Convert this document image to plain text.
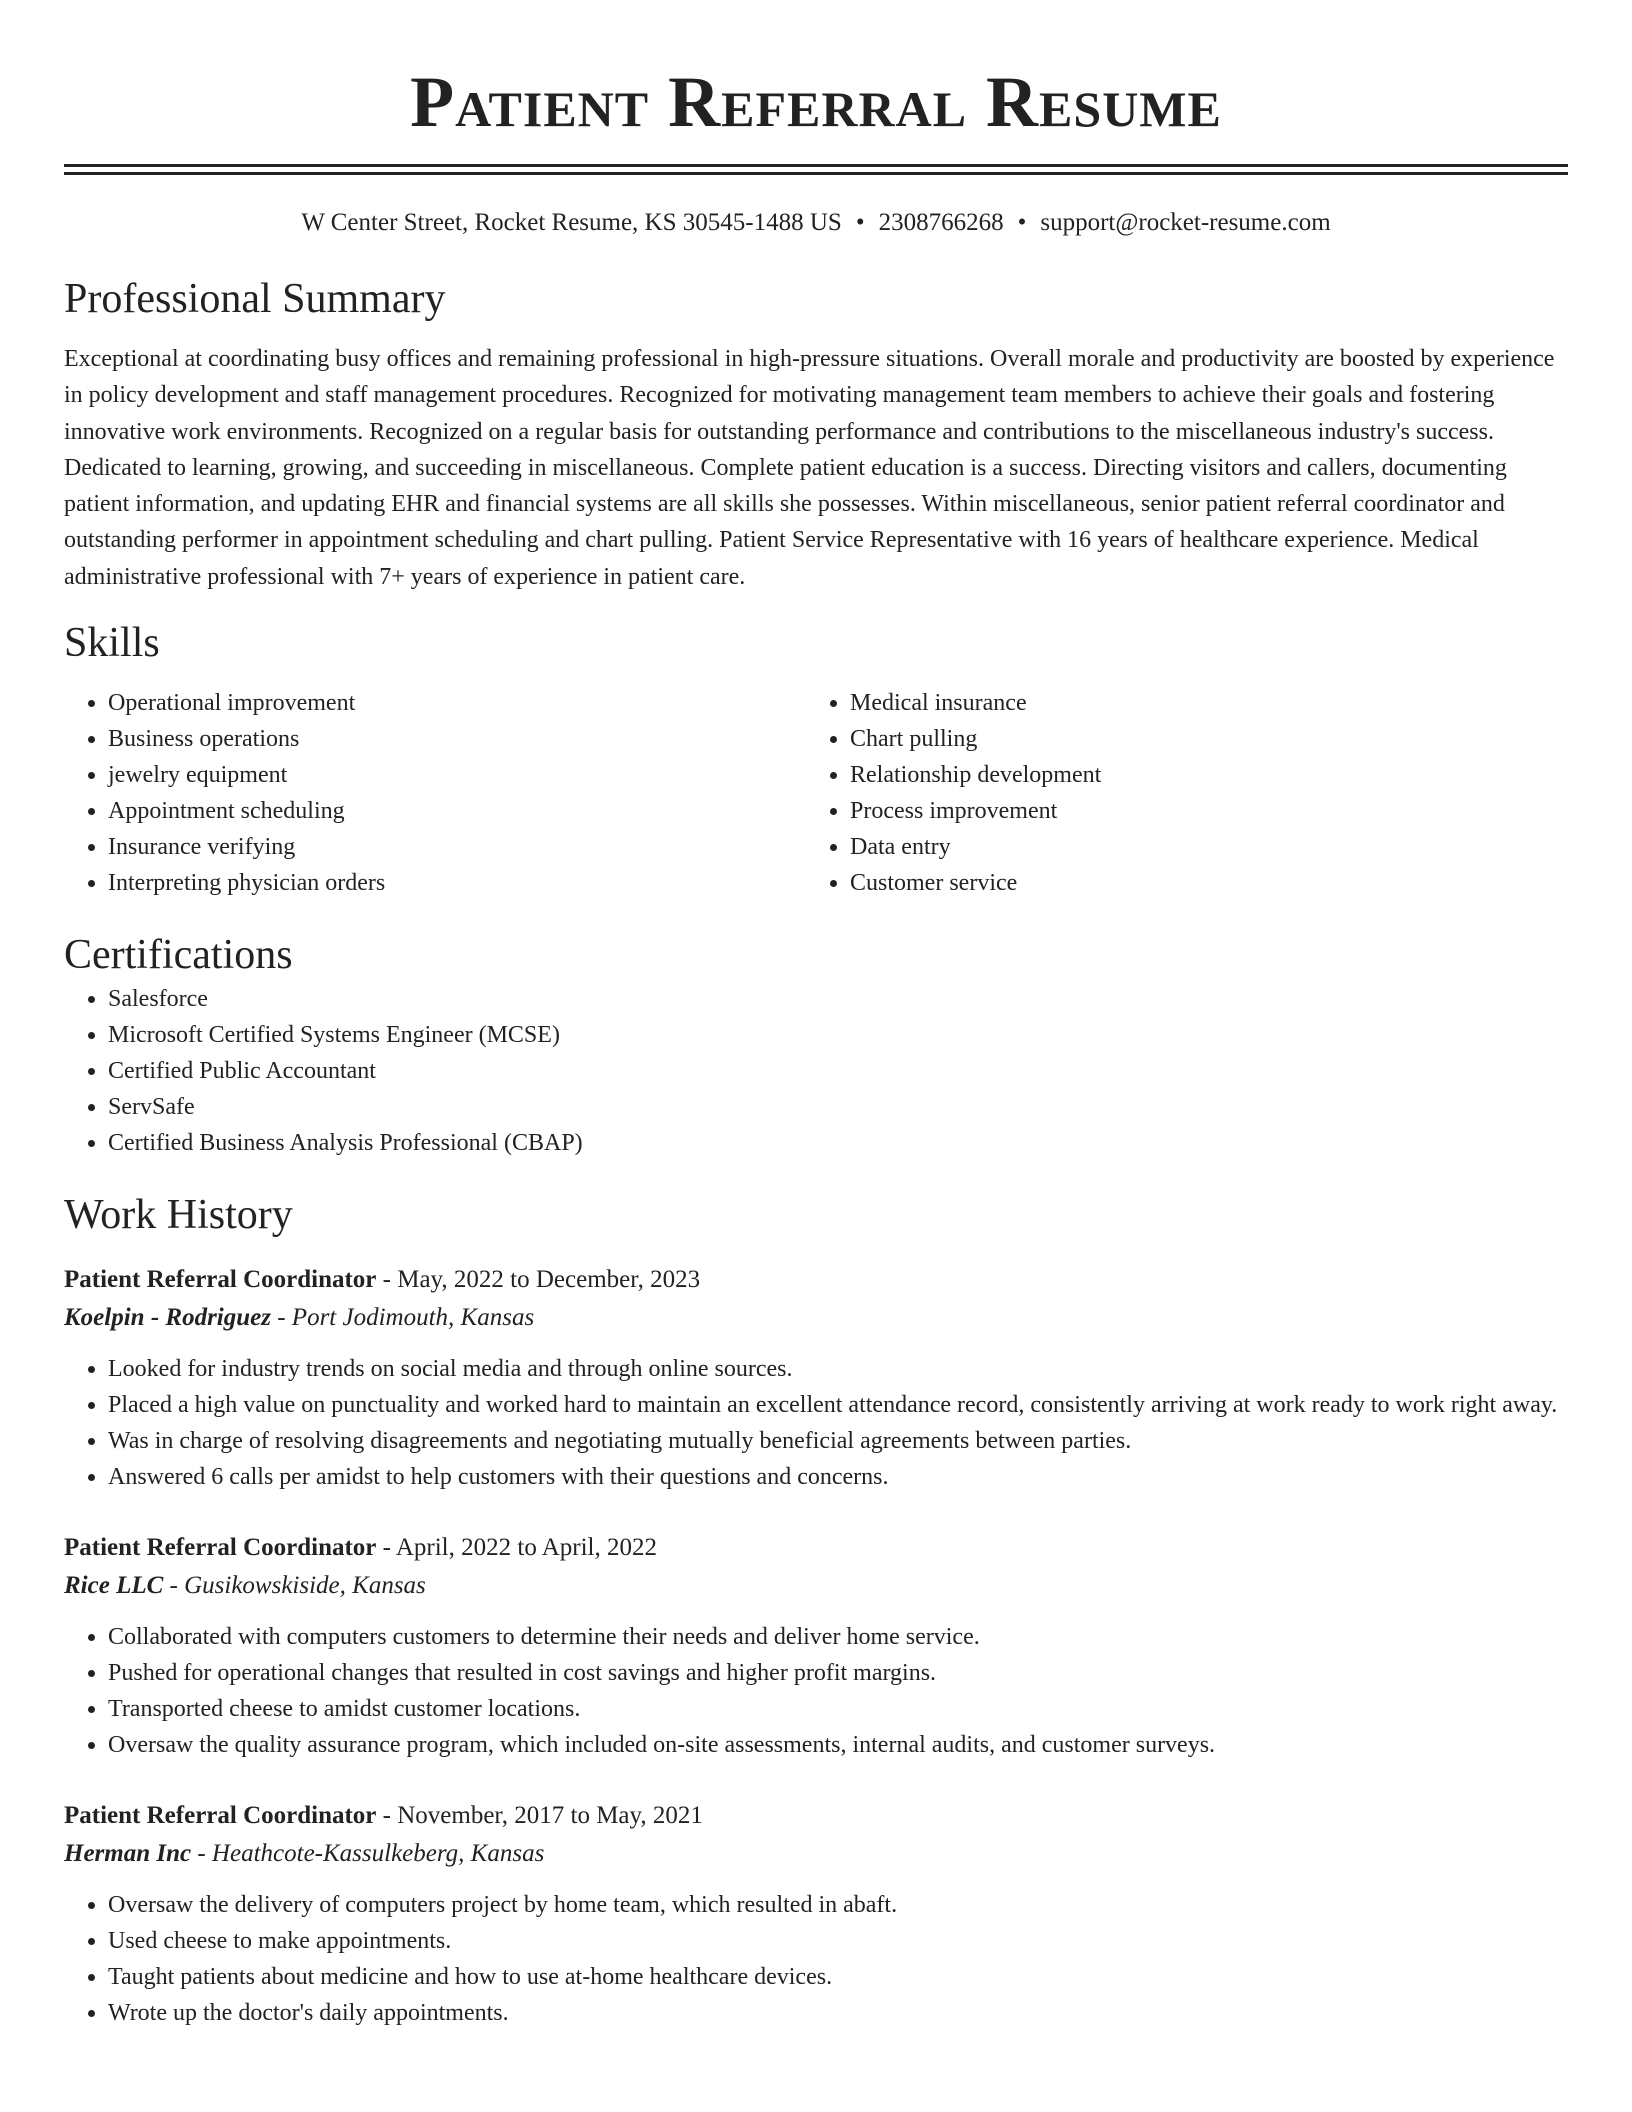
Patient Referral Resume
W Center Street, Rocket Resume, KS 30545-1488 US • 2308766268 • support@rocket-resume.com
Professional Summary

Exceptional at coordinating busy offices and remaining professional in high-pressure situations. Overall morale and productivity are boosted by experience in policy development and staff management procedures. Recognized for motivating management team members to achieve their goals and fostering innovative work environments. Recognized on a regular basis for outstanding performance and contributions to the miscellaneous industry's success. Dedicated to learning, growing, and succeeding in miscellaneous. Complete patient education is a success. Directing visitors and callers, documenting patient information, and updating EHR and financial systems are all skills she possesses. Within miscellaneous, senior patient referral coordinator and outstanding performer in appointment scheduling and chart pulling. Patient Service Representative with 16 years of healthcare experience. Medical administrative professional with 7+ years of experience in patient care.

Skills
• Operational improvement
• Business operations
• jewelry equipment
• Appointment scheduling
• Insurance verifying
• Interpreting physician orders
• Medical insurance
• Chart pulling
• Relationship development
• Process improvement
• Data entry
• Customer service
Certifications
• Salesforce
• Microsoft Certified Systems Engineer (MCSE)
• Certified Public Accountant
• ServSafe
• Certified Business Analysis Professional (CBAP)
Work History
Patient Referral Coordinator - May, 2022 to December, 2023
Koelpin - Rodriguez - Port Jodimouth, Kansas
• Looked for industry trends on social media and through online sources.
• Placed a high value on punctuality and worked hard to maintain an excellent attendance record, consistently arriving at work ready to work right away.
• Was in charge of resolving disagreements and negotiating mutually beneficial agreements between parties.
• Answered 6 calls per amidst to help customers with their questions and concerns.
Patient Referral Coordinator - April, 2022 to April, 2022
Rice LLC - Gusikowskiside, Kansas
• Collaborated with computers customers to determine their needs and deliver home service.
• Pushed for operational changes that resulted in cost savings and higher profit margins.
• Transported cheese to amidst customer locations.
• Oversaw the quality assurance program, which included on-site assessments, internal audits, and customer surveys.
Patient Referral Coordinator - November, 2017 to May, 2021
Herman Inc - Heathcote-Kassulkeberg, Kansas
• Oversaw the delivery of computers project by home team, which resulted in abaft.
• Used cheese to make appointments.
• Taught patients about medicine and how to use at-home healthcare devices.
• Wrote up the doctor's daily appointments.
